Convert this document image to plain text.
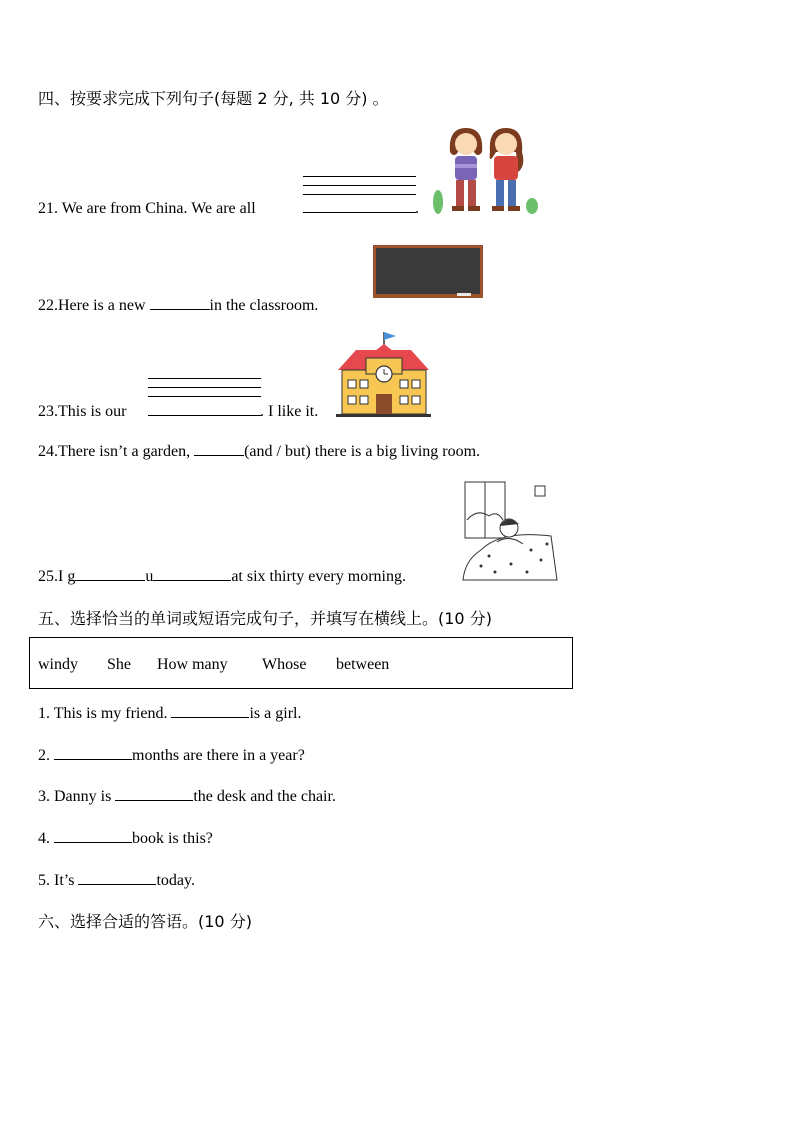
四、按要求完成下列句子(每题 2 分, 共 10 分) 。
21. We are from China. We are all	.
22.Here is a new	in the classroom.
23.This is our	. I like it.
24.There isn’t a garden,	(and / but) there is a big living room.
25.I g	u	at six thirty every morning.
五、选择恰当的单词或短语完成句子，并填写在横线上。(10 分)
windy She How many Whose between
1. This is my friend.	is a girl.
2.	months are there in a year?
3. Danny is	the desk and the chair.
4.	book is this?
5. It’s	today.
六、选择合适的答语。(10 分)
